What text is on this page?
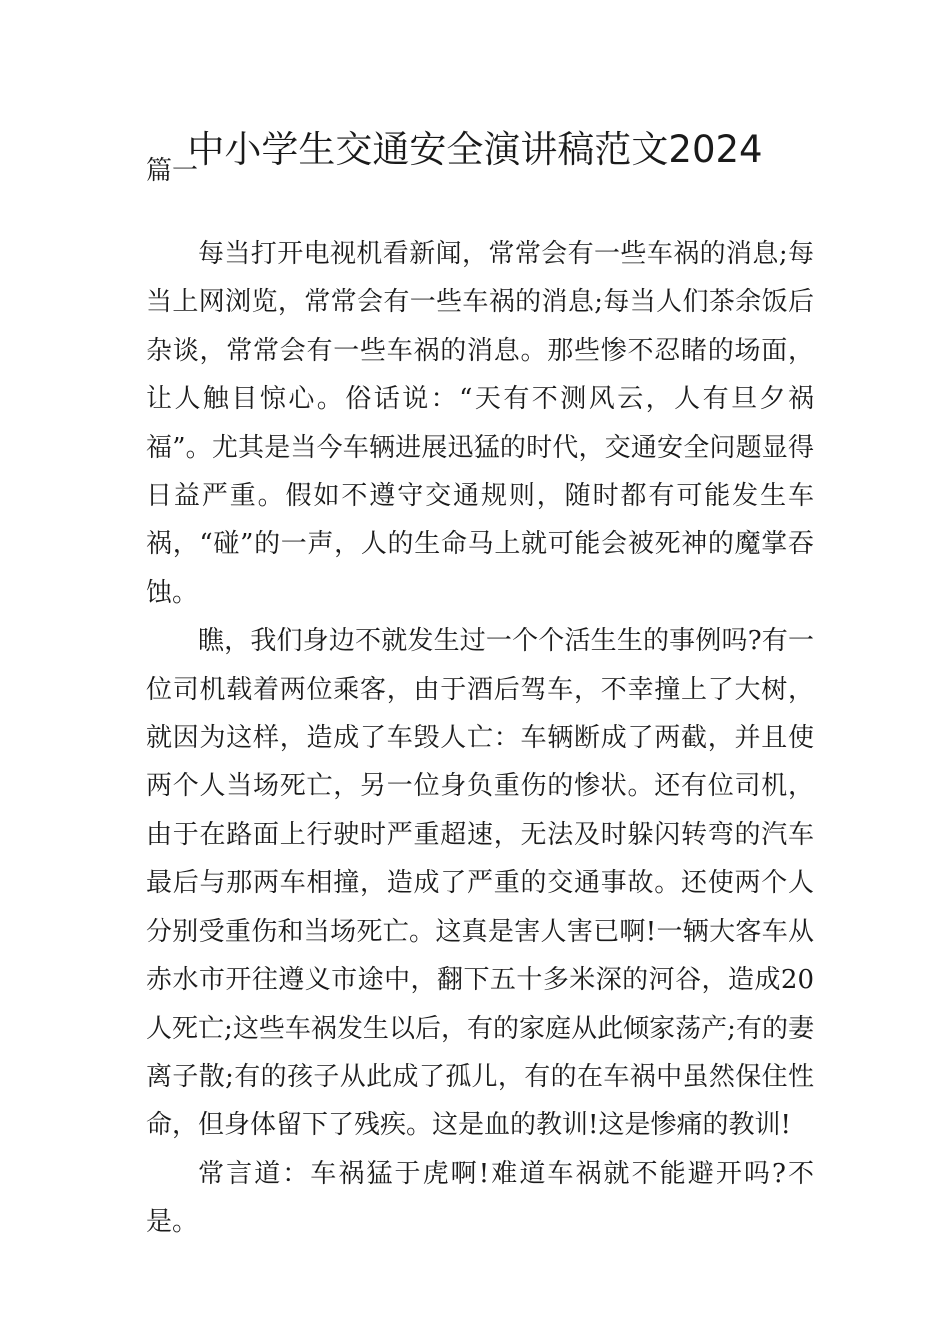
中小学生交通安全演讲稿范文2024
篇一

每当打开电视机看新闻，常常会有一些车祸的消息;每当上网浏览，常常会有一些车祸的消息;每当人们茶余饭后杂谈，常常会有一些车祸的消息。那些惨不忍睹的场面，让人触目惊心。俗话说：“天有不测风云，人有旦夕祸福”。尤其是当今车辆进展迅猛的时代，交通安全问题显得日益严重。假如不遵守交通规则，随时都有可能发生车祸，“碰”的一声，人的生命马上就可能会被死神的魔掌吞蚀。

瞧，我们身边不就发生过一个个活生生的事例吗?有一位司机载着两位乘客，由于酒后驾车，不幸撞上了大树，就因为这样，造成了车毁人亡：车辆断成了两截，并且使两个人当场死亡，另一位身负重伤的惨状。还有位司机，由于在路面上行驶时严重超速，无法及时躲闪转弯的汽车最后与那两车相撞，造成了严重的交通事故。还使两个人分别受重伤和当场死亡。这真是害人害已啊!一辆大客车从赤水市开往遵义市途中，翻下五十多米深的河谷，造成20人死亡;这些车祸发生以后，有的家庭从此倾家荡产;有的妻离子散;有的孩子从此成了孤儿，有的在车祸中虽然保住性命，但身体留下了残疾。这是血的教训!这是惨痛的教训!

常言道：车祸猛于虎啊!难道车祸就不能避开吗?不是。
